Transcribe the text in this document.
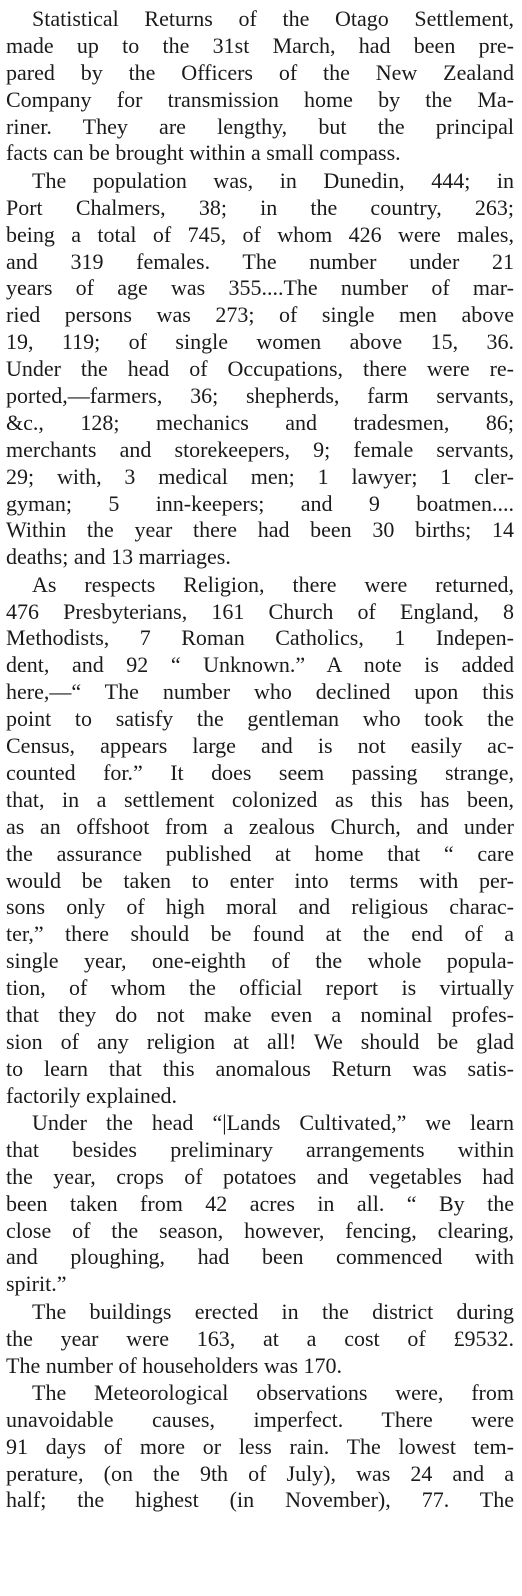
Statistical Returns of the Otago Settlement,
made up to the 31st March, had been pre-
pared by the Officers of the New Zealand
Company for transmission home by the Ma-
riner. They are lengthy, but the principal
facts can be brought within a small compass.
The population was, in Dunedin, 444; in
Port Chalmers, 38; in the country, 263;
being a total of 745, of whom 426 were males,
and 319 females. The number under 21
years of age was 355....The number of mar-
ried persons was 273; of single men above
19, 119; of single women above 15, 36.
Under the head of Occupations, there were re-
ported,—farmers, 36; shepherds, farm servants,
&c., 128; mechanics and tradesmen, 86;
merchants and storekeepers, 9; female servants,
29; with, 3 medical men; 1 lawyer; 1 cler-
gyman; 5 inn-keepers; and 9 boatmen....
Within the year there had been 30 births; 14
deaths; and 13 marriages.
As respects Religion, there were returned,
476 Presbyterians, 161 Church of England, 8
Methodists, 7 Roman Catholics, 1 Indepen-
dent, and 92 “ Unknown.” A note is added
here,—“ The number who declined upon this
point to satisfy the gentleman who took the
Census, appears large and is not easily ac-
counted for.” It does seem passing strange,
that, in a settlement colonized as this has been,
as an offshoot from a zealous Church, and under
the assurance published at home that “ care
would be taken to enter into terms with per-
sons only of high moral and religious charac-
ter,” there should be found at the end of a
single year, one-eighth of the whole popula-
tion, of whom the official report is virtually
that they do not make even a nominal profes-
sion of any religion at all! We should be glad
to learn that this anomalous Return was satis-
factorily explained.
Under the head “|Lands Cultivated,” we learn
that besides preliminary arrangements within
the year, crops of potatoes and vegetables had
been taken from 42 acres in all. “ By the
close of the season, however, fencing, clearing,
and ploughing, had been commenced with
spirit.”
The buildings erected in the district during
the year were 163, at a cost of £9532.
The number of householders was 170.
The Meteorological observations were, from
unavoidable causes, imperfect. There were
91 days of more or less rain. The lowest tem-
perature, (on the 9th of July), was 24 and a
half; the highest (in November), 77. The
